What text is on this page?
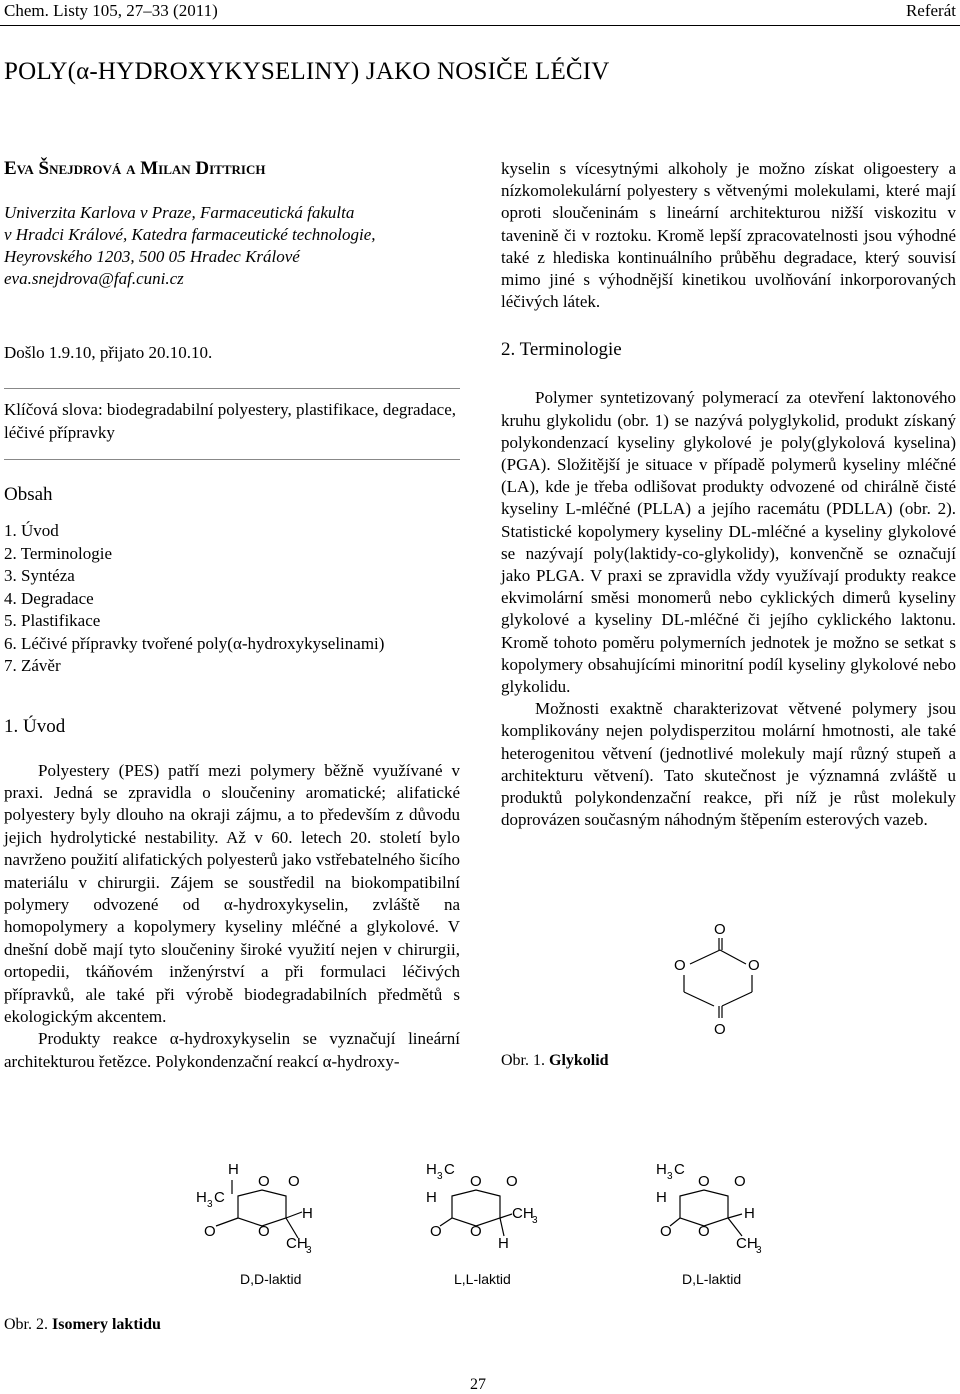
Chem. Listy 105, 27–33 (2011)	Referát
POLY(α-HYDROXYKYSELINY) JAKO NOSIČE LÉČIV
Eva Šnejdrová a Milan Dittrich

Univerzita Karlova v Praze, Farmaceutická fakulta

v Hradci Králové, Katedra farmaceutické technologie,

Heyrovského 1203, 500 05 Hradec Králové

eva.snejdrova@faf.cuni.cz

Došlo 1.9.10, přijato 20.10.10.
Klíčová slova: biodegradabilní polyestery, plastifikace, degradace, léčivé přípravky
Obsah
1. Úvod
2. Terminologie
3. Syntéza
4. Degradace
5. Plastifikace
6. Léčivé přípravky tvořené poly(α-hydroxykyselinami)
7. Závěr
1. Úvod

Polyestery (PES) patří mezi polymery běžně využívané v praxi. Jedná se zpravidla o sloučeniny aromatické; alifatické polyestery byly dlouho na okraji zájmu, a to především z důvodu jejich hydrolytické nestability. Až v 60. letech 20. století bylo navrženo použití alifatických polyesterů jako vstřebatelného šicího materiálu v chirurgii. Zájem se soustředil na biokompatibilní polymery odvozené od α-hydroxykyselin, zvláště na homopolymery a kopolymery kyseliny mléčné a glykolové. V dnešní době mají tyto sloučeniny široké využití nejen v chirurgii, ortopedii, tkáňovém inženýrství a při formulaci léčivých přípravků, ale také při výrobě biodegradabilních předmětů s ekologickým akcentem.

Produkty reakce α-hydroxykyselin se vyznačují lineární architekturou řetězce. Polykondenzační reakcí α-hydroxy-

kyselin s vícesytnými alkoholy je možno získat oligoestery a nízkomolekulární polyestery s větvenými molekulami, které mají oproti sloučeninám s lineární architekturou nižší viskozitu v tavenině či v roztoku. Kromě lepší zpracovatelnosti jsou výhodné také z hlediska kontinuálního průběhu degradace, který souvisí mimo jiné s výhodnější kinetikou uvolňování inkorporovaných léčivých látek.

2. Terminologie

Polymer syntetizovaný polymerací za otevření laktonového kruhu glykolidu (obr. 1) se nazývá polyglykolid, produkt získaný polykondenzací kyseliny glykolové je poly(glykolová kyselina) (PGA). Složitější je situace v případě polymerů kyseliny mléčné (LA), kde je třeba odlišovat produkty odvozené od chirálně čisté kyseliny L-mléčné (PLLA) a jejího racemátu (PDLLA) (obr. 2). Statistické kopolymery kyseliny DL-mléčné a kyseliny glykolové se nazývají poly(laktidy-co-glykolidy), konvenčně se označují jako PLGA. V praxi se zpravidla vždy využívají produkty reakce ekvimolární směsi monomerů nebo cyklických dimerů kyseliny glykolové a kyseliny DL-mléčné či jejího cyklického laktonu. Kromě tohoto poměru polymerních jednotek je možno se setkat s kopolymery obsahujícími minoritní podíl kyseliny glykolové nebo glykolidu.

Možnosti exaktně charakterizovat větvené polymery jsou komplikovány nejen polydisperzitou molární hmotnosti, ale také heterogenitou větvení (jednotlivé molekuly mají různý stupeň a architekturu větvení). Tato skutečnost je významná zvláště u produktů polykondenzační reakce, při níž je růst molekuly doprovázen současným náhodným štěpením esterových vazeb.

O
O	O
O
Obr. 1. Glykolid
H
H 3 C
O O
O	O
H
CH
3
H 3 C
H
O O
O O
CH
3
H
H 3 C
H
O O
O O
H
CH
3
D,D-laktid	L,L-laktid	D,L-laktid
Obr. 2. Isomery laktidu
27
